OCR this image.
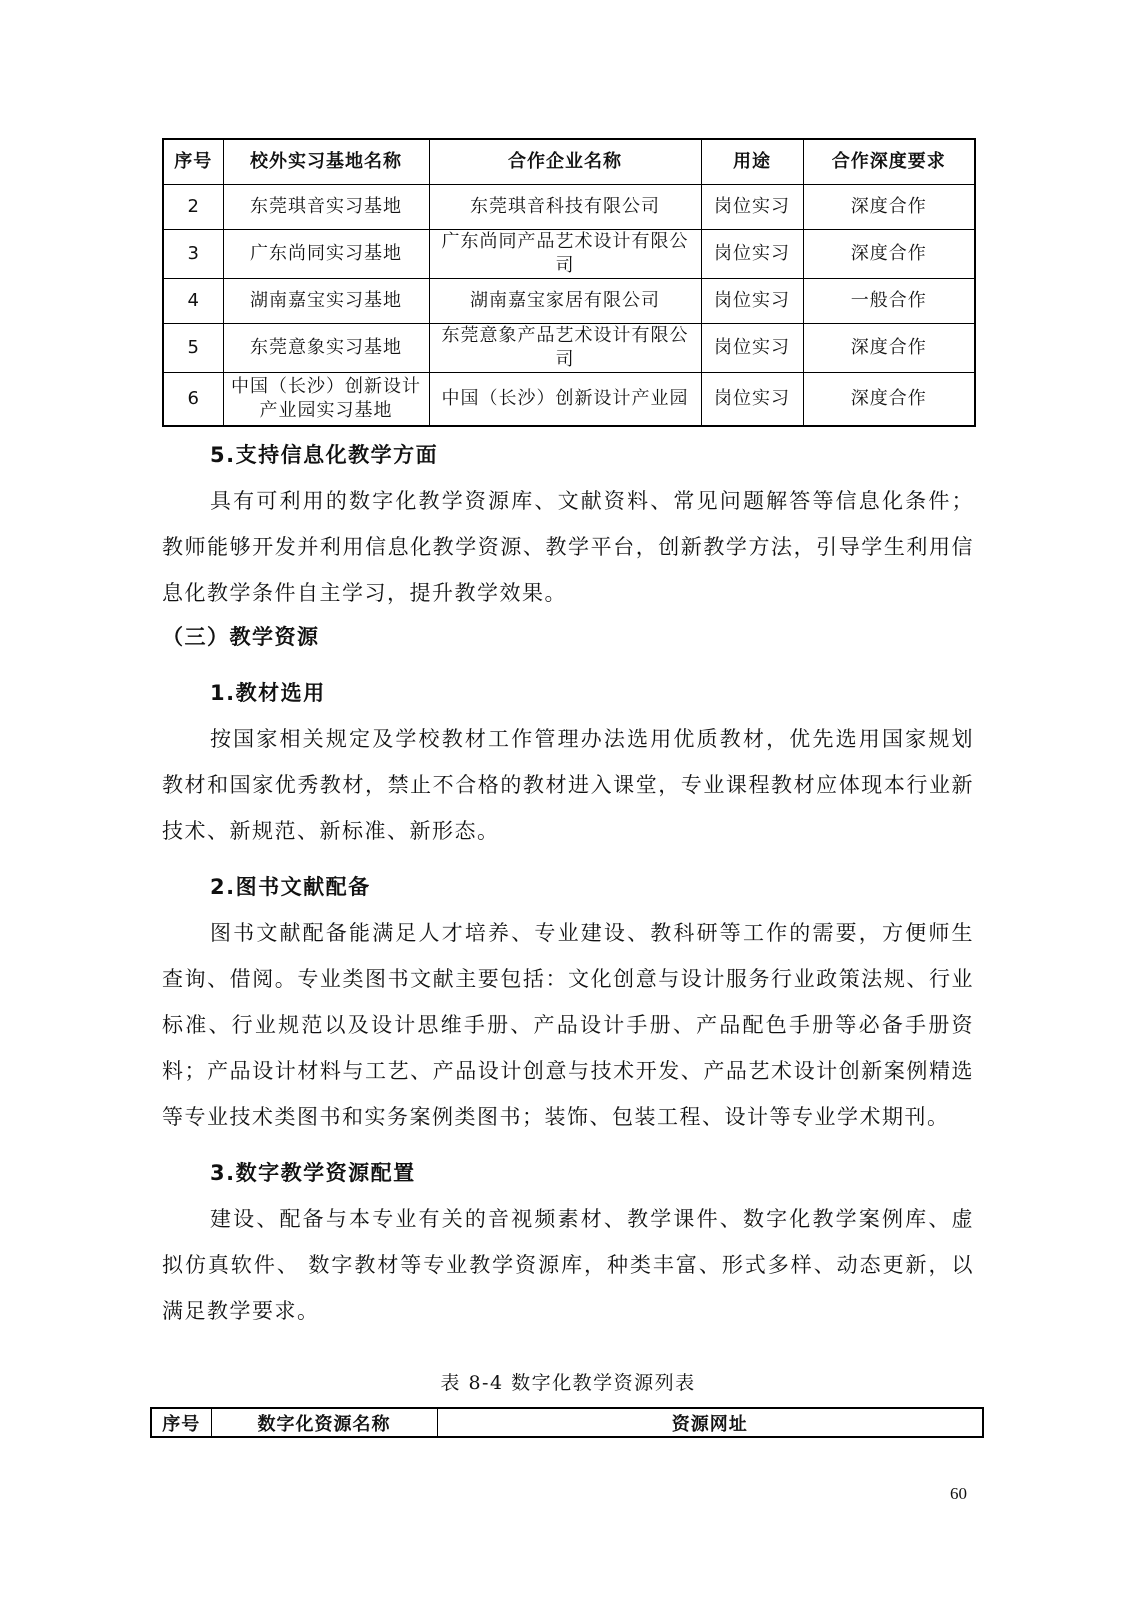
序号	校外实习基地名称	合作企业名称	用途	合作深度要求
2	东莞琪音实习基地	东莞琪音科技有限公司	岗位实习	深度合作
3	广东尚同实习基地	广东尚同产品艺术设计有限公司	岗位实习	深度合作
4	湖南嘉宝实习基地	湖南嘉宝家居有限公司	岗位实习	一般合作
5	东莞意象实习基地	东莞意象产品艺术设计有限公司	岗位实习	深度合作
6	中国（长沙）创新设计产业园实习基地	中国（长沙）创新设计产业园	岗位实习	深度合作
5.支持信息化教学方面
具有可利用的数字化教学资源库、文献资料、常见问题解答等信息化条件；教师能够开发并利用信息化教学资源、教学平台，创新教学方法，引导学生利用信息化教学条件自主学习，提升教学效果。
（三）教学资源
1.教材选用
按国家相关规定及学校教材工作管理办法选用优质教材，优先选用国家规划教材和国家优秀教材，禁止不合格的教材进入课堂，专业课程教材应体现本行业新技术、新规范、新标准、新形态。
2.图书文献配备
图书文献配备能满足人才培养、专业建设、教科研等工作的需要，方便师生查询、借阅。专业类图书文献主要包括：文化创意与设计服务行业政策法规、行业标准、行业规范以及设计思维手册、产品设计手册、产品配色手册等必备手册资料；产品设计材料与工艺、产品设计创意与技术开发、产品艺术设计创新案例精选等专业技术类图书和实务案例类图书；装饰、包装工程、设计等专业学术期刊。
3.数字教学资源配置
建设、配备与本专业有关的音视频素材、教学课件、数字化教学案例库、虚拟仿真软件、 数字教材等专业教学资源库，种类丰富、形式多样、动态更新，以满足教学要求。
表 8-4 数字化教学资源列表
序号	数字化资源名称	资源网址
60
